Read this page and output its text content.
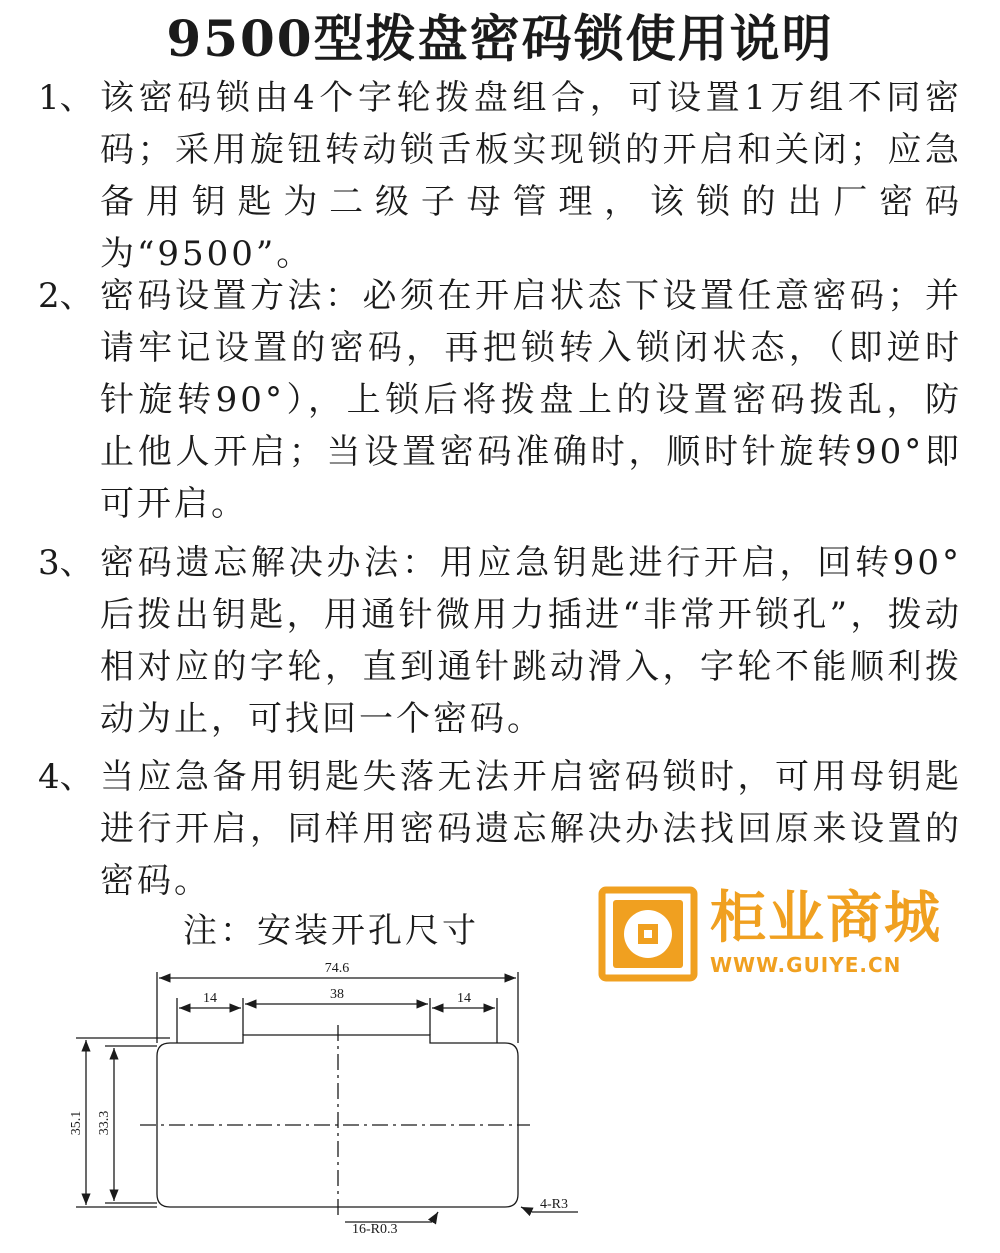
9500型拨盘密码锁使用说明
1、 该密码锁由4个字轮拨盘组合，可设置1万组不同密码；采用旋钮转动锁舌板实现锁的开启和关闭；应急备用钥匙为二级子母管理，该锁的出厂密码为“9500”。

2、 密码设置方法：必须在开启状态下设置任意密码；并请牢记设置的密码，再把锁转入锁闭状态，（即逆时针旋转90°），上锁后将拨盘上的设置密码拨乱，防止他人开启；当设置密码准确时，顺时针旋转90°即可开启。

3、 密码遗忘解决办法：用应急钥匙进行开启，回转90°后拨出钥匙，用通针微用力插进“非常开锁孔”，拨动相对应的字轮，直到通针跳动滑入，字轮不能顺利拨动为止，可找回一个密码。

4、 当应急备用钥匙失落无法开启密码锁时，可用母钥匙进行开启，同样用密码遗忘解决办法找回原来设置的密码。

注：安装开孔尺寸	柜业商城
WWW.GUIYE.CN
74.6
14	38	14
35.1 33.3
16-R0.3
4-R3
